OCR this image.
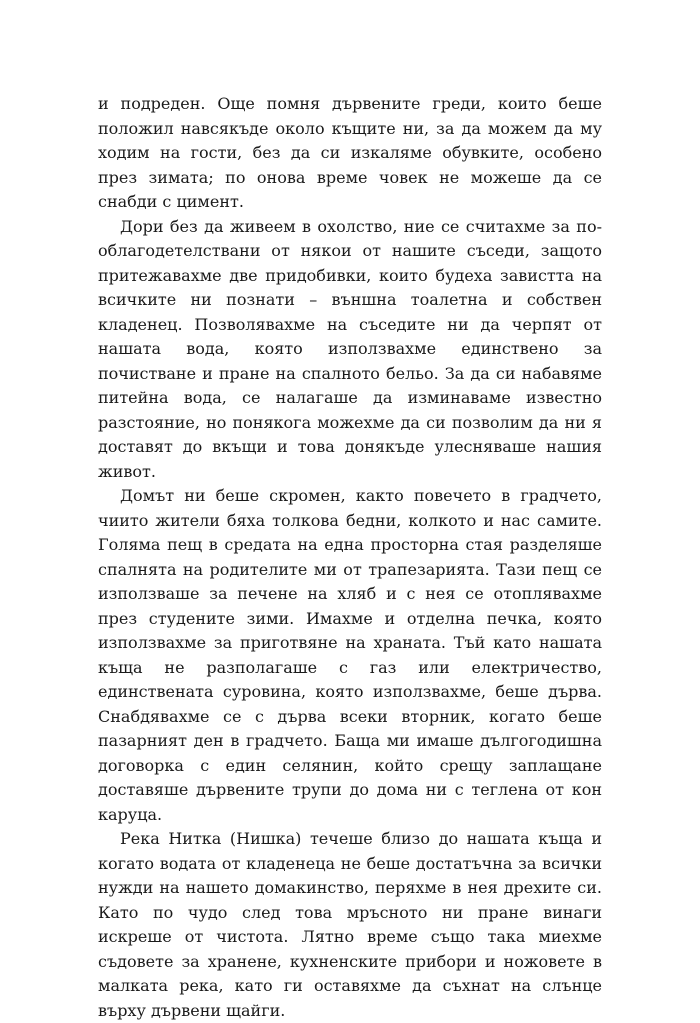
и подреден. Още помня дървените греди, които беше положил навсякъде около къщите ни, за да можем да му ходим на гости, без да си изкаляме обувките, особено през зимата; по онова време човек не можеше да се снабди с цимент.

Дори без да живеем в охолство, ние се считахме за по-облагодетелствани от някои от нашите съседи, защото притежавахме две придобивки, които будеха завистта на всичките ни познати – външна тоалетна и собствен кладенец. Позволявахме на съседите ни да черпят от нашата вода, която използвахме единствено за почистване и пране на спалното бельо. За да си набавяме питейна вода, се налагаше да изминаваме известно разстояние, но понякога можехме да си позволим да ни я доставят до вкъщи и това донякъде улесняваше нашия живот.

Домът ни беше скромен, както повечето в градчето, чиито жители бяха толкова бедни, колкото и нас самите. Голяма пещ в средата на една просторна стая разделяше спалнята на родителите ми от трапезарията. Тази пещ се използваше за печене на хляб и с нея се отоплявахме през студените зими. Имахме и отделна печка, която използвахме за приготвяне на храната. Тъй като нашата къща не разполагаше с газ или електричество, единствената суровина, която използвахме, беше дърва. Снабдявахме се с дърва всеки вторник, когато беше пазарният ден в градчето. Баща ми имаше дългогодишна договорка с един селянин, който срещу заплащане доставяше дървените трупи до дома ни с теглена от кон каруца.

Река Нитка (Нишка) течеше близо до нашата къща и когато водата от кладенеца не беше достатъчна за всички нужди на нашето домакинство, перяхме в нея дрехите си. Като по чудо след това мръсното ни пране винаги искреше от чистота. Лятно време също така миехме съдовете за хранене, кухненските прибори и ножовете в малката река, като ги оставяхме да съхнат на слънце върху дървени щайги.
